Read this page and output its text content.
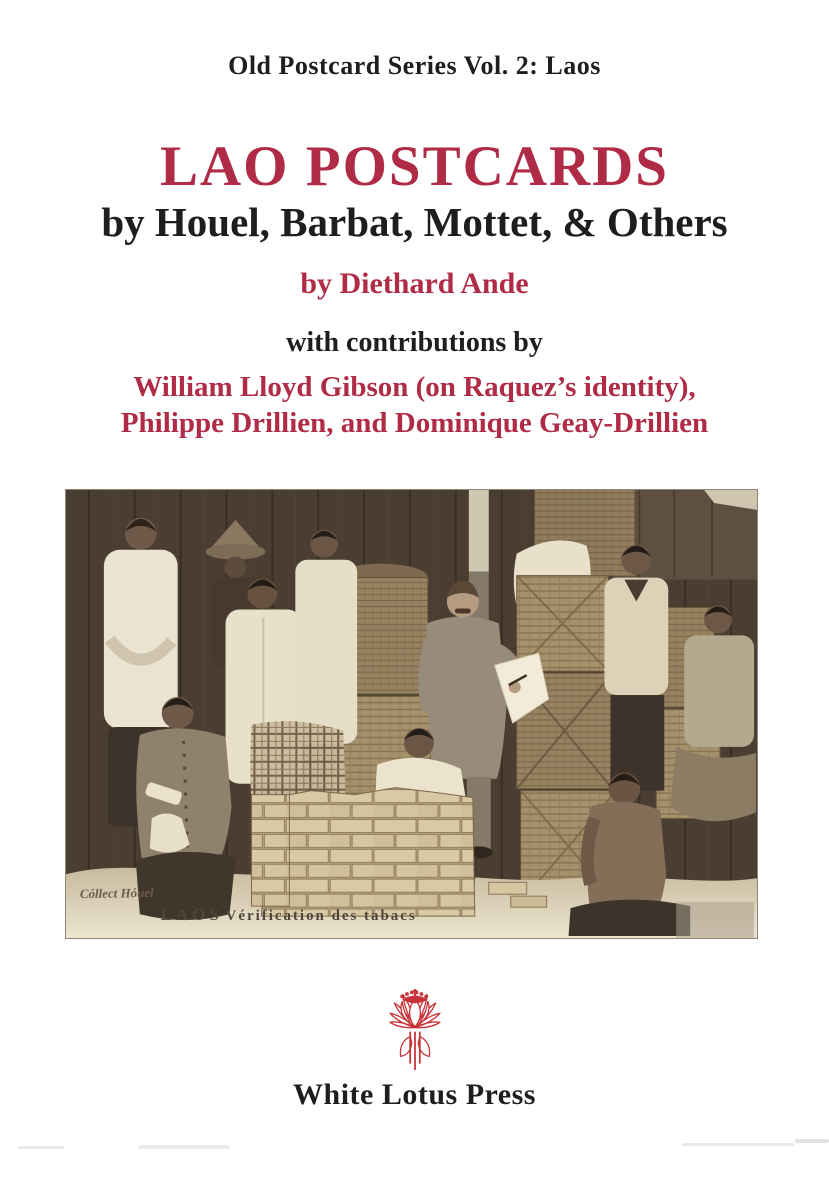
Old Postcard Series Vol. 2: Laos
LAO POSTCARDS
by Houel, Barbat, Mottet, & Others
by Diethard Ande
with contributions by
William Lloyd Gibson (on Raquez’s identity),
Philippe Drillien, and Dominique Geay-Drillien
Cóllect Hóuel
LAOS Vérification des tabacs
White Lotus Press
